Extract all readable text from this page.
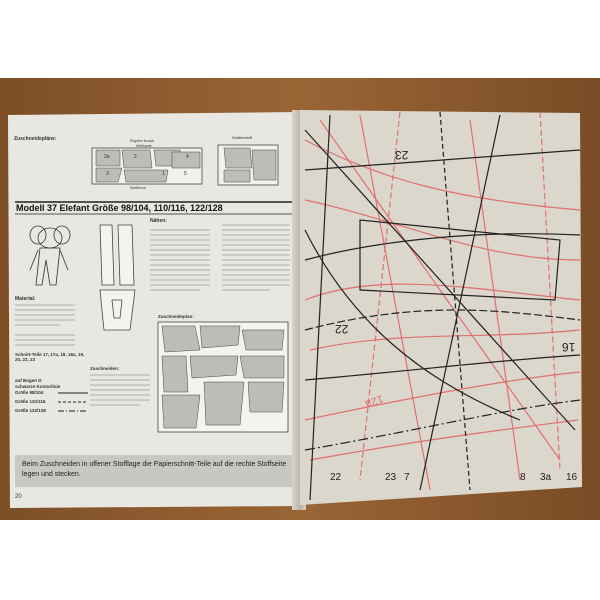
Zuschneidepläne:	Rupfen braun
Wattierstoff
Webkante
Stoffbruch
2a	2	4
1
3	5
Modell 37 Elefant Größe 98/104, 110/116, 122/128
Nähen:
Material:
Schnitt-Teile 17, 17a, 18, 18a, 19, 20, 22, 23
auf Bogen D
schwarze Konturlinie
Größe 98/104
Größe 110/116
Größe 122/128
Zuschneideplan:
Zuschneiden:
Beim Zuschneiden in offener Stofflage die Papierschnitt-Teile auf die rechte Stoffseite legen und stecken.
20
23
22
16
12a
22	7
23	8 3a 16
